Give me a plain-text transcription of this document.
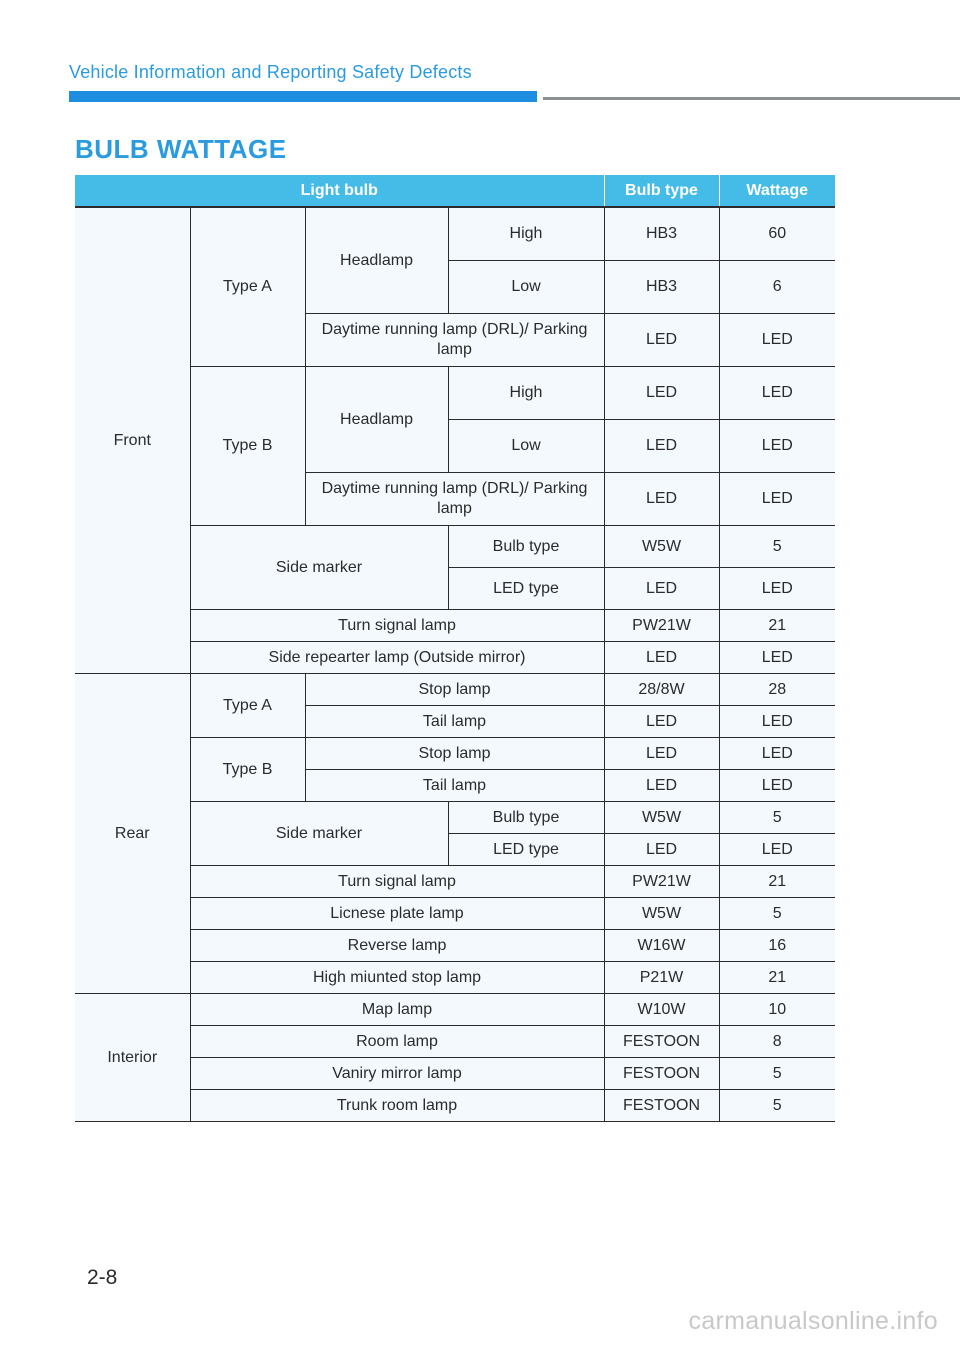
Vehicle Information and Reporting Safety Defects
BULB WATTAGE
Light bulb				Bulb type	Wattage
Front	Type A	Headlamp	High	HB3	60
			Low	HB3	6
		Daytime running lamp (DRL)/ Parking lamp		LED	LED
	Type B	Headlamp	High	LED	LED
			Low	LED	LED
		Daytime running lamp (DRL)/ Parking lamp		LED	LED
	Side marker		Bulb type	W5W	5
			LED type	LED	LED
	Turn signal lamp			PW21W	21
	Side repearter lamp (Outside mirror)			LED	LED
Rear	Type A	Stop lamp		28/8W	28
		Tail lamp		LED	LED
	Type B	Stop lamp		LED	LED
		Tail lamp		LED	LED
	Side marker		Bulb type	W5W	5
			LED type	LED	LED
	Turn signal lamp			PW21W	21
	Licnese plate lamp			W5W	5
	Reverse lamp			W16W	16
	High miunted stop lamp			P21W	21
Interior	Map lamp			W10W	10
	Room lamp			FESTOON	8
	Vaniry mirror lamp			FESTOON	5
	Trunk room lamp			FESTOON	5
2-8
carmanualsonline.info
